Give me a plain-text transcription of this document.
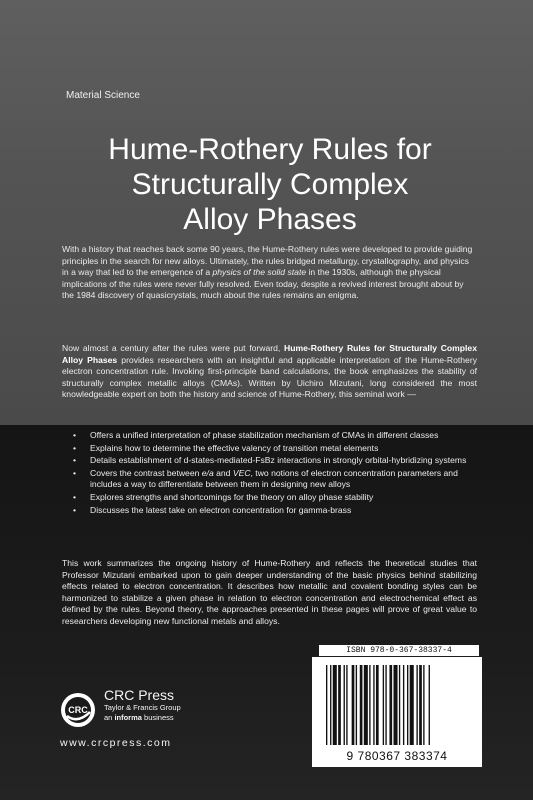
Material Science
Hume-Rothery Rules for
Structurally Complex
Alloy Phases

With a history that reaches back some 90 years, the Hume-Rothery rules were developed to provide guiding principles in the search for new alloys. Ultimately, the rules bridged metallurgy, crystallography, and physics in a way that led to the emergence of a physics of the solid state in the 1930s, although the physical implications of the rules were never fully resolved. Even today, despite a revived interest brought about by the 1984 discovery of quasicrystals, much about the rules remains an enigma.

Now almost a century after the rules were put forward, Hume-Rothery Rules for Structurally Complex Alloy Phases provides researchers with an insightful and applicable interpretation of the Hume-Rothery electron concentration rule. Invoking first-principle band calculations, the book emphasizes the stability of structurally complex metallic alloys (CMAs). Written by Uichiro Mizutani, long considered the most knowledgeable expert on both the history and science of Hume-Rothery, this seminal work —

• Offers a unified interpretation of phase stabilization mechanism of CMAs in different classes
• Explains how to determine the effective valency of transition metal elements
• Details establishment of d-states-mediated-FsBz interactions in strongly orbital-hybridizing systems
• Covers the contrast between e/a and VEC, two notions of electron concentration parameters and includes a way to differentiate between them in designing new alloys
• Explores strengths and shortcomings for the theory on alloy phase stability
• Discusses the latest take on electron concentration for gamma-brass

This work summarizes the ongoing history of Hume-Rothery and reflects the theoretical studies that Professor Mizutani embarked upon to gain deeper understanding of the basic physics behind stabilizing effects related to electron concentration. It describes how metallic and covalent bonding styles can be harmonized to stabilize a given phase in relation to electron concentration and electrochemical effect as defined by the rules. Beyond theory, the approaches presented in these pages will prove of great value to researchers developing new functional metals and alloys.

CRC
CRC Press
Taylor & Francis Group
an informa business
www.crcpress.com
ISBN 978-0-367-38337-4
9 780367 383374
